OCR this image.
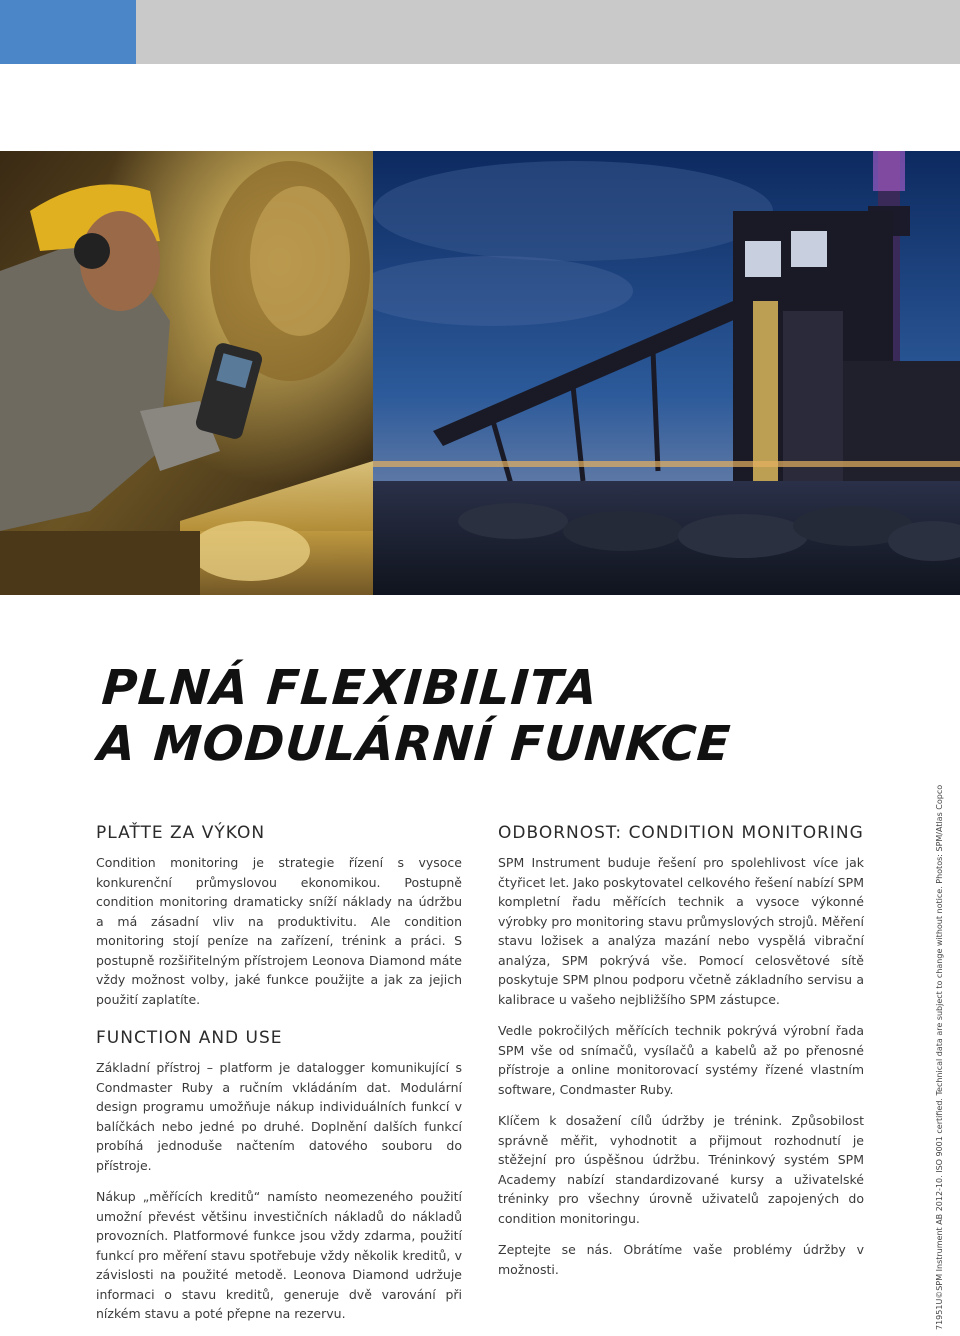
PLNÁ FLEXIBILITA
A MODULÁRNÍ FUNKCE
PLAŤTE ZA VÝKON

Condition monitoring je strategie řízení s vysoce konkurenční průmyslovou ekonomikou. Postupně condition monitoring dramaticky sníží náklady na údržbu a má zásadní vliv na produktivitu. Ale condition monitoring stojí peníze na zařízení, trénink a práci. S postupně rozšiřitelným přístrojem Leonova Diamond máte vždy možnost volby, jaké funkce použijte a jak za jejich použití zaplatíte.

FUNCTION AND USE

Základní přístroj – platform je datalogger komunikující s Condmaster Ruby a ručním vkládáním dat. Modulární design programu umožňuje nákup individuálních funkcí v balíčkách nebo jedné po druhé. Doplnění dalších funkcí probíhá jednoduše načtením datového souboru do přístroje.

Nákup „měřících kreditů“ namísto neomezeného použití umožní převést většinu investičních nákladů do nákladů provozních. Platformové funkce jsou vždy zdarma, použití funkcí pro měření stavu spotřebuje vždy několik kreditů, v závislosti na použité metodě. Leonova Diamond udržuje informaci o stavu kreditů, generuje dvě varování při nízkém stavu a poté přepne na rezervu.

ODBORNOST: CONDITION MONITORING

SPM Instrument buduje řešení pro spolehlivost více jak čtyřicet let. Jako poskytovatel celkového řešení nabízí SPM kompletní řadu měřících technik a vysoce výkonné výrobky pro monitoring stavu průmyslových strojů. Měření stavu ložisek a analýza mazání nebo vyspělá vibrační analýza, SPM pokrývá vše. Pomocí celosvětové sítě poskytuje SPM plnou podporu včetně základního servisu a kalibrace u vašeho nejbližšího SPM zástupce.

Vedle pokročilých měřících technik pokrývá výrobní řada SPM vše od snímačů, vysílačů a kabelů až po přenosné přístroje a online monitorovací systémy řízené vlastním software, Condmaster Ruby.

Klíčem k dosažení cílů údržby je trénink. Způsobilost správně měřit, vyhodnotit a přijmout rozhodnutí je stěžejní pro úspěšnou údržbu. Tréninkový systém SPM Academy nabízí standardizované kursy a uživatelské tréninky pro všechny úrovně uživatelů zapojených do condition monitoringu.

Zeptejte se nás. Obrátíme vaše problémy údržby v možnosti.	71951U©SPM Instrument AB 2012-10. ISO 9001 certified. Technical data are subject to change without notice. Photos: SPM/Atlas Copco
